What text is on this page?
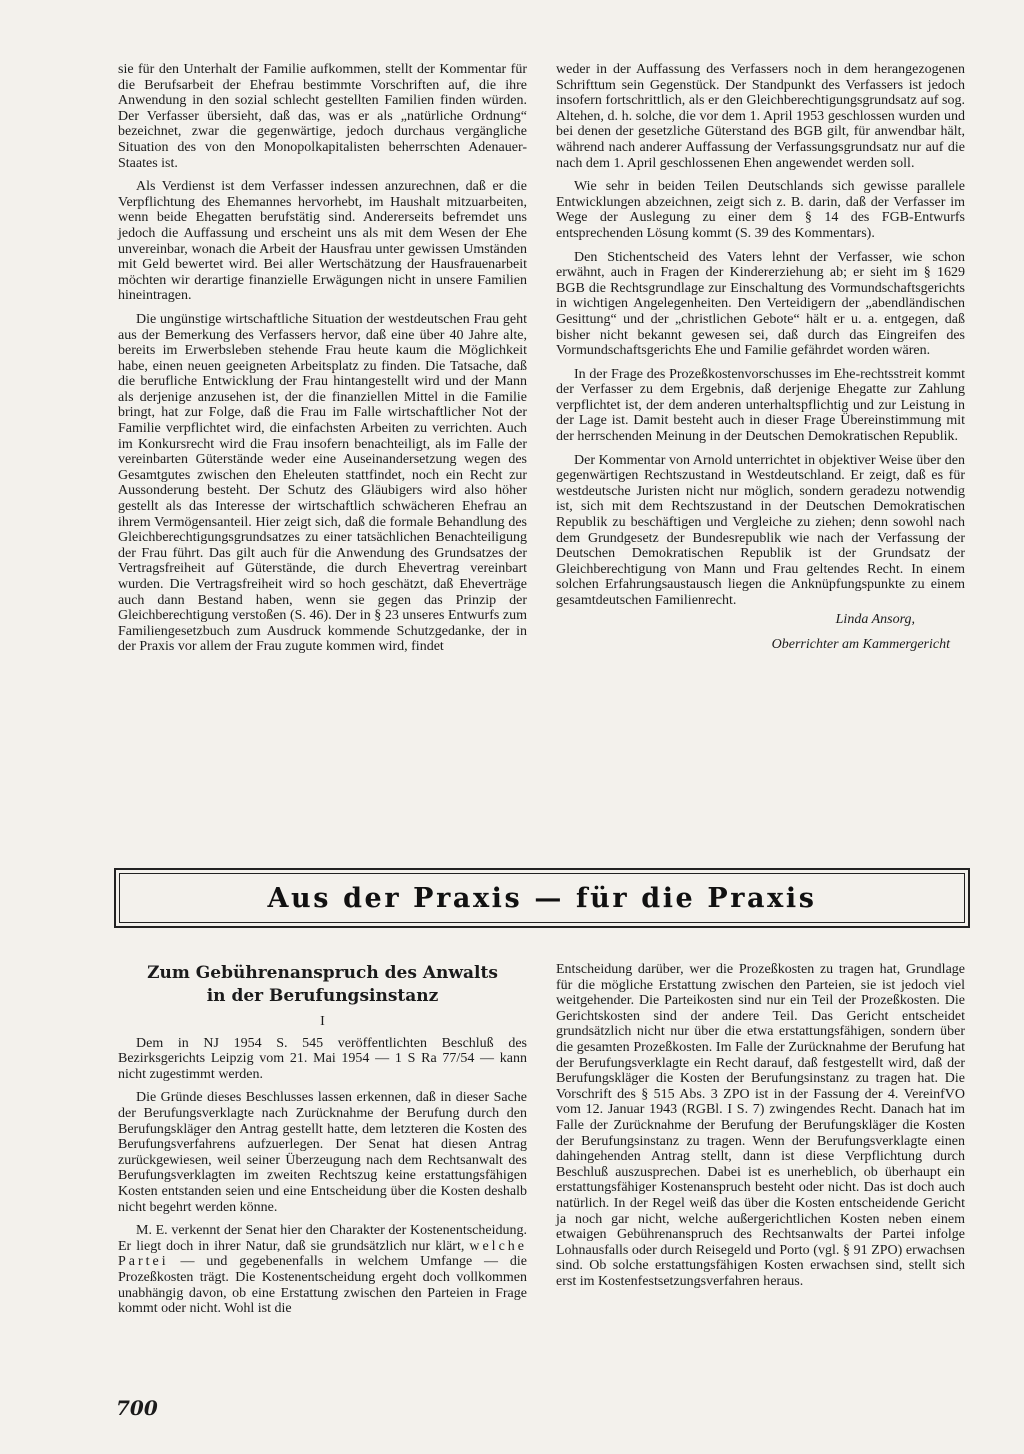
sie für den Unterhalt der Familie aufkommen, stellt der Kommentar für die Berufsarbeit der Ehefrau bestimmte Vorschriften auf, die ihre Anwendung in den sozial schlecht gestellten Familien finden würden. Der Verfasser übersieht, daß das, was er als „natürliche Ordnung“ bezeichnet, zwar die gegenwärtige, jedoch durchaus vergängliche Situation des von den Monopolkapitalisten beherrschten Adenauer-Staates ist.

Als Verdienst ist dem Verfasser indessen anzurechnen, daß er die Verpflichtung des Ehemannes hervorhebt, im Haushalt mitzuarbeiten, wenn beide Ehegatten berufstätig sind. Andererseits befremdet uns jedoch die Auffassung und erscheint uns als mit dem Wesen der Ehe unvereinbar, wonach die Arbeit der Hausfrau unter gewissen Umständen mit Geld bewertet wird. Bei aller Wertschätzung der Hausfrauenarbeit möchten wir derartige finanzielle Erwägungen nicht in unsere Familien hineintragen.

Die ungünstige wirtschaftliche Situation der westdeutschen Frau geht aus der Bemerkung des Verfassers hervor, daß eine über 40 Jahre alte, bereits im Erwerbsleben stehende Frau heute kaum die Möglichkeit habe, einen neuen geeigneten Arbeitsplatz zu finden. Die Tatsache, daß die berufliche Entwicklung der Frau hintangestellt wird und der Mann als derjenige anzusehen ist, der die finanziellen Mittel in die Familie bringt, hat zur Folge, daß die Frau im Falle wirtschaftlicher Not der Familie verpflichtet wird, die einfachsten Arbeiten zu verrichten. Auch im Konkursrecht wird die Frau insofern benachteiligt, als im Falle der vereinbarten Güterstände weder eine Auseinandersetzung wegen des Gesamtgutes zwischen den Eheleuten stattfindet, noch ein Recht zur Aussonderung besteht. Der Schutz des Gläubigers wird also höher gestellt als das Interesse der wirtschaftlich schwächeren Ehefrau an ihrem Vermögensanteil. Hier zeigt sich, daß die formale Behandlung des Gleichberechtigungsgrundsatzes zu einer tatsächlichen Benachteiligung der Frau führt. Das gilt auch für die Anwendung des Grundsatzes der Vertragsfreiheit auf Güterstände, die durch Ehevertrag vereinbart wurden. Die Vertragsfreiheit wird so hoch geschätzt, daß Eheverträge auch dann Bestand haben, wenn sie gegen das Prinzip der Gleichberechtigung verstoßen (S. 46). Der in § 23 unseres Entwurfs zum Familiengesetzbuch zum Ausdruck kommende Schutzgedanke, der in der Praxis vor allem der Frau zugute kommen wird, findet

weder in der Auffassung des Verfassers noch in dem herangezogenen Schrifttum sein Gegenstück. Der Standpunkt des Verfassers ist jedoch insofern fortschrittlich, als er den Gleichberechtigungsgrundsatz auf sog. Altehen, d. h. solche, die vor dem 1. April 1953 geschlossen wurden und bei denen der gesetzliche Güterstand des BGB gilt, für anwendbar hält, während nach anderer Auffassung der Verfassungsgrundsatz nur auf die nach dem 1. April geschlossenen Ehen angewendet werden soll.

Wie sehr in beiden Teilen Deutschlands sich gewisse parallele Entwicklungen abzeichnen, zeigt sich z. B. darin, daß der Verfasser im Wege der Auslegung zu einer dem § 14 des FGB-Entwurfs entsprechenden Lösung kommt (S. 39 des Kommentars).

Den Stichentscheid des Vaters lehnt der Verfasser, wie schon erwähnt, auch in Fragen der Kindererziehung ab; er sieht im § 1629 BGB die Rechtsgrundlage zur Einschaltung des Vormundschaftsgerichts in wichtigen Angelegenheiten. Den Verteidigern der „abendländischen Gesittung“ und der „christlichen Gebote“ hält er u. a. entgegen, daß bisher nicht bekannt gewesen sei, daß durch das Eingreifen des Vormundschaftsgerichts Ehe und Familie gefährdet worden wären.

In der Frage des Prozeßkostenvorschusses im Ehe-rechtsstreit kommt der Verfasser zu dem Ergebnis, daß derjenige Ehegatte zur Zahlung verpflichtet ist, der dem anderen unterhaltspflichtig und zur Leistung in der Lage ist. Damit besteht auch in dieser Frage Übereinstimmung mit der herrschenden Meinung in der Deutschen Demokratischen Republik.

Der Kommentar von Arnold unterrichtet in objektiver Weise über den gegenwärtigen Rechtszustand in Westdeutschland. Er zeigt, daß es für westdeutsche Juristen nicht nur möglich, sondern geradezu notwendig ist, sich mit dem Rechtszustand in der Deutschen Demokratischen Republik zu beschäftigen und Vergleiche zu ziehen; denn sowohl nach dem Grundgesetz der Bundesrepublik wie nach der Verfassung der Deutschen Demokratischen Republik ist der Grundsatz der Gleichberechtigung von Mann und Frau geltendes Recht. In einem solchen Erfahrungsaustausch liegen die Anknüpfungspunkte zu einem gesamtdeutschen Familienrecht.

Linda Ansorg,

Oberrichter am Kammergericht

Aus der Praxis — für die Praxis
Zum Gebührenanspruch des Anwalts
in der Berufungsinstanz
I

Dem in NJ 1954 S. 545 veröffentlichten Beschluß des Bezirksgerichts Leipzig vom 21. Mai 1954 — 1 S Ra 77/54 — kann nicht zugestimmt werden.

Die Gründe dieses Beschlusses lassen erkennen, daß in dieser Sache der Berufungsverklagte nach Zurücknahme der Berufung durch den Berufungskläger den Antrag gestellt hatte, dem letzteren die Kosten des Berufungsverfahrens aufzuerlegen. Der Senat hat diesen Antrag zurückgewiesen, weil seiner Überzeugung nach dem Rechtsanwalt des Berufungsverklagten im zweiten Rechtszug keine erstattungsfähigen Kosten entstanden seien und eine Entscheidung über die Kosten deshalb nicht begehrt werden könne.

M. E. verkennt der Senat hier den Charakter der Kostenentscheidung. Er liegt doch in ihrer Natur, daß sie grundsätzlich nur klärt, welche Partei — und gegebenenfalls in welchem Umfange — die Prozeßkosten trägt. Die Kostenentscheidung ergeht doch vollkommen unabhängig davon, ob eine Erstattung zwischen den Parteien in Frage kommt oder nicht. Wohl ist die

Entscheidung darüber, wer die Prozeßkosten zu tragen hat, Grundlage für die mögliche Erstattung zwischen den Parteien, sie ist jedoch viel weitgehender. Die Parteikosten sind nur ein Teil der Prozeßkosten. Die Gerichtskosten sind der andere Teil. Das Gericht entscheidet grundsätzlich nicht nur über die etwa erstattungsfähigen, sondern über die gesamten Prozeßkosten. Im Falle der Zurücknahme der Berufung hat der Berufungsverklagte ein Recht darauf, daß festgestellt wird, daß der Berufungskläger die Kosten der Berufungsinstanz zu tragen hat. Die Vorschrift des § 515 Abs. 3 ZPO ist in der Fassung der 4. VereinfVO vom 12. Januar 1943 (RGBl. I S. 7) zwingendes Recht. Danach hat im Falle der Zurücknahme der Berufung der Berufungskläger die Kosten der Berufungsinstanz zu tragen. Wenn der Berufungsverklagte einen dahingehenden Antrag stellt, dann ist diese Verpflichtung durch Beschluß auszusprechen. Dabei ist es unerheblich, ob überhaupt ein erstattungsfähiger Kostenanspruch besteht oder nicht. Das ist doch auch natürlich. In der Regel weiß das über die Kosten entscheidende Gericht ja noch gar nicht, welche außergerichtlichen Kosten neben einem etwaigen Gebührenanspruch des Rechtsanwalts der Partei infolge Lohnausfalls oder durch Reisegeld und Porto (vgl. § 91 ZPO) erwachsen sind. Ob solche erstattungsfähigen Kosten erwachsen sind, stellt sich erst im Kostenfestsetzungsverfahren heraus.

700
